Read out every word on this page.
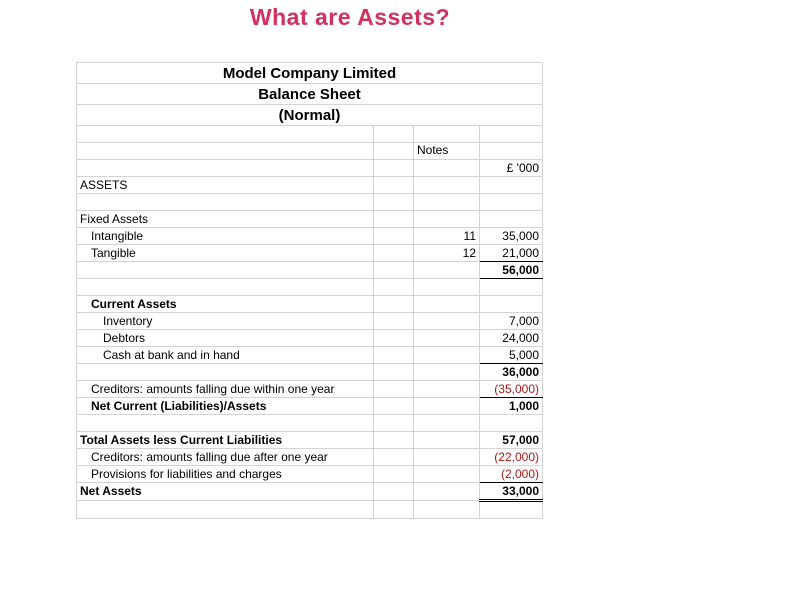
What are Assets?
Model Company Limited			
Balance Sheet			
(Normal)			

		Notes	
			£ '000
ASSETS			

Fixed Assets			
Intangible		11	35,000
Tangible		12	21,000
			56,000

Current Assets			
Inventory			7,000
Debtors			24,000
Cash at bank and in hand			5,000
			36,000
Creditors: amounts falling due within one year			(35,000)
Net Current (Liabilities)/Assets			1,000

Total Assets less Current Liabilities			57,000
Creditors: amounts falling due after one year			(22,000)
Provisions for liabilities and charges			(2,000)
Net Assets			33,000
